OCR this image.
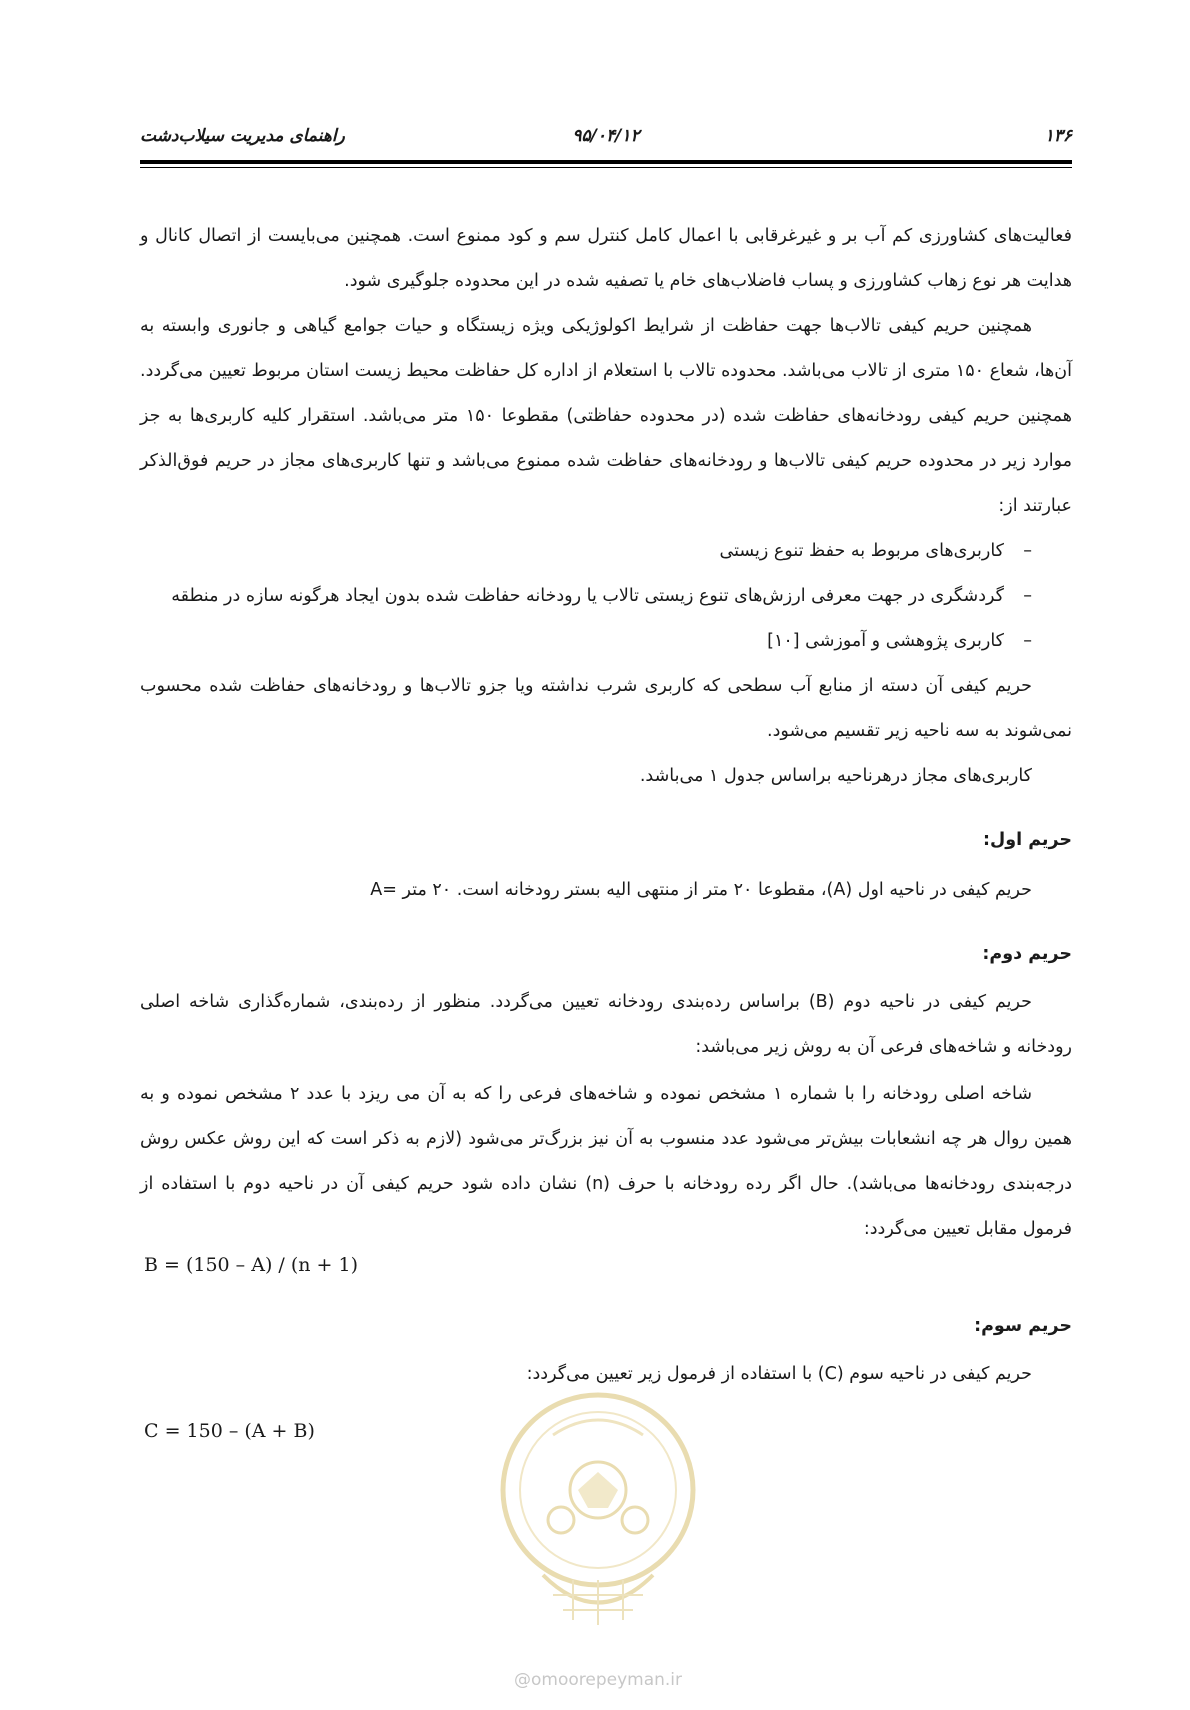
۱۳۶
۹۵/۰۴/۱۲
راهنمای مدیریت سیلاب‌دشت

فعالیت‌های کشاورزی کم آب بر و غیرغرقابی با اعمال کامل کنترل سم و کود ممنوع است. همچنین می‌بایست از اتصال کانال و هدایت هر نوع زهاب کشاورزی و پساب فاضلاب‌های خام یا تصفیه شده در این محدوده جلوگیری شود.

همچنین حریم کیفی تالاب‌ها جهت حفاظت از شرایط اکولوژیکی ویژه زیستگاه و حیات جوامع گیاهی و جانوری وابسته به آن‌ها، شعاع ۱۵۰ متری از تالاب می‌باشد. محدوده تالاب با استعلام از اداره کل حفاظت محیط زیست استان مربوط تعیین می‌گردد. همچنین حریم کیفی رودخانه‌های حفاظت شده (در محدوده حفاظتی) مقطوعا ۱۵۰ متر می‌باشد. استقرار کلیه کاربری‌ها به جز موارد زیر در محدوده حریم کیفی تالاب‌ها و رودخانه‌های حفاظت شده ممنوع می‌باشد و تنها کاربری‌های مجاز در حریم فوق‌الذکر عبارتند از:

–
کاربری‌های مربوط به حفظ تنوع زیستی
–
گردشگری در جهت معرفی ارزش‌های تنوع زیستی تالاب یا رودخانه حفاظت شده بدون ایجاد هرگونه سازه در منطقه
–
کاربری پژوهشی و آموزشی [۱۰]

حریم کیفی آن دسته از منابع آب سطحی که کاربری شرب نداشته ویا جزو تالاب‌ها و رودخانه‌های حفاظت شده محسوب نمی‌شوند به سه ناحیه زیر تقسیم می‌شود.

کاربری‌های مجاز درهرناحیه براساس جدول ۱ می‌باشد.

حریم اول:

حریم کیفی در ناحیه اول (A)، مقطوعا ۲۰ متر از منتهی الیه بستر رودخانه است. ۲۰ متر =A

حریم دوم:

حریم کیفی در ناحیه دوم (B) براساس رده‌بندی رودخانه تعیین می‌گردد. منظور از رده‌بندی، شماره‌گذاری شاخه اصلی رودخانه و شاخه‌های فرعی آن به روش زیر می‌باشد:

شاخه اصلی رودخانه را با شماره ۱ مشخص نموده و شاخه‌های فرعی را که به آن می ریزد با عدد ۲ مشخص نموده و به همین روال هر چه انشعابات بیش‌تر می‌شود عدد منسوب به آن نیز بزرگ‌تر می‌شود (لازم به ذکر است که این روش عکس روش درجه‌بندی رودخانه‌ها می‌باشد). حال اگر رده رودخانه با حرف (n) نشان داده شود حریم کیفی آن در ناحیه دوم با استفاده از فرمول مقابل تعیین می‌گردد:

B = (150 – A) / (n + 1)
حریم سوم:

حریم کیفی در ناحیه سوم (C) با استفاده از فرمول زیر تعیین می‌گردد:

C = 150 – (A + B)
@omoorepeyman.ir
